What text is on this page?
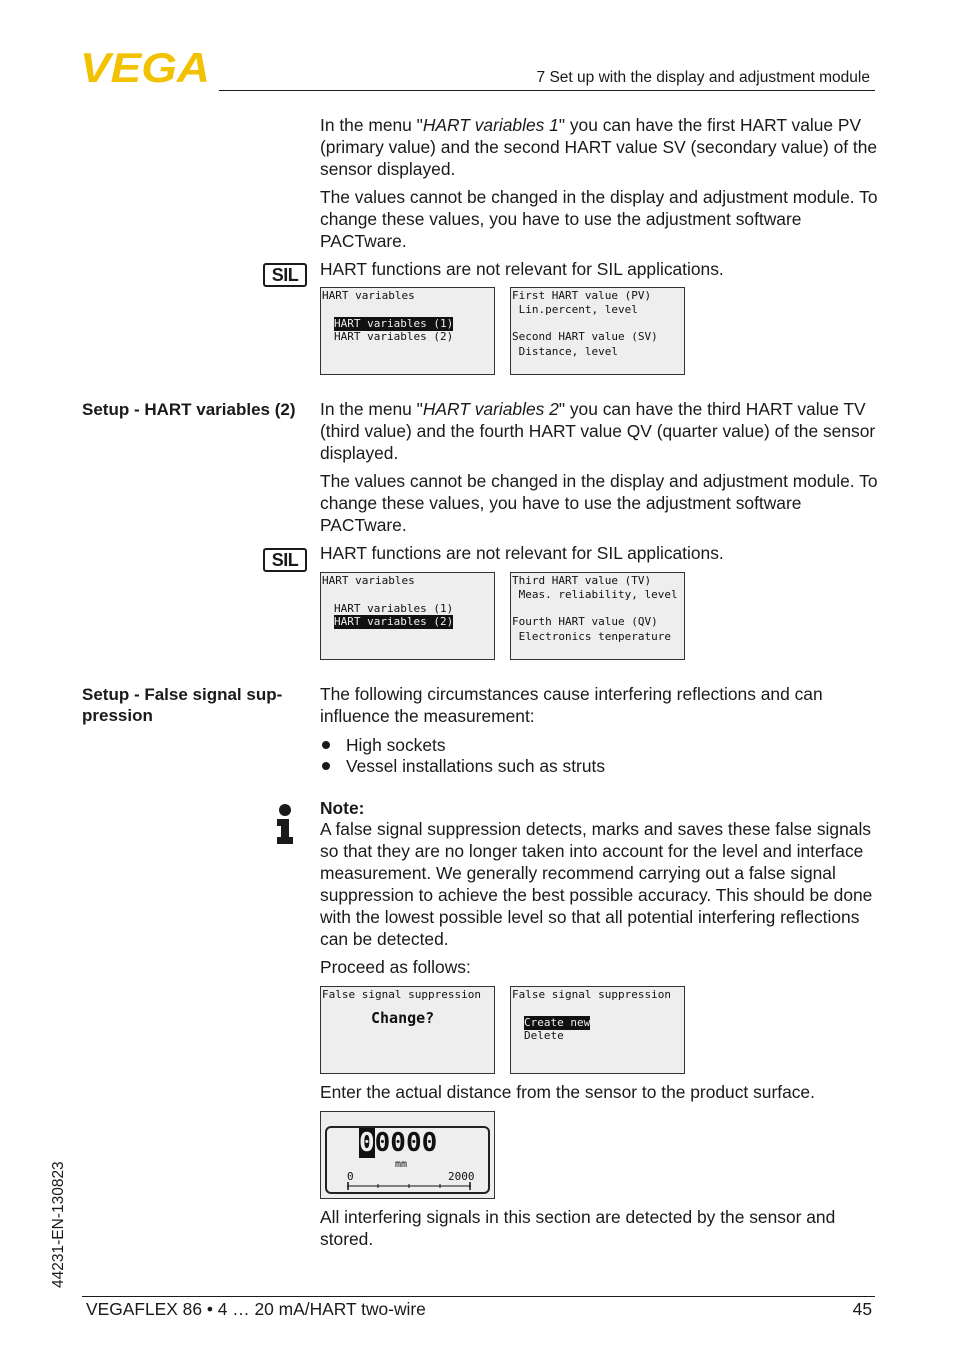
VEGA	7 Set up with the display and adjustment module

In the menu "HART variables 1" you can have the first HART value PV (primary value) and the second HART value SV (secondary value) of the sensor displayed.

The values cannot be changed in the display and adjustment module. To change these values, you have to use the adjustment software PACTware.

SIL	HART functions are not relevant for SIL applications.

HART variables
HART variables (1)
HART variables (2)
First HART value (PV)
Lin.percent, level
Second HART value (SV)
Distance, level

Setup - HART variables (2)	In the menu "HART variables 2" you can have the third HART value TV (third value) and the fourth HART value QV (quarter value) of the sensor displayed.

The values cannot be changed in the display and adjustment module. To change these values, you have to use the adjustment software PACTware.

SIL	HART functions are not relevant for SIL applications.

HART variables
HART variables (1)
HART variables (2)
Third HART value (TV)
Meas. reliability, level
Fourth HART value (QV)
Electronics tenperature
Setup - False signal sup-
pression

The following circumstances cause interfering reflections and can influence the measurement:

High sockets
Vessel installations such as struts
Note:

A false signal suppression detects, marks and saves these false signals so that they are no longer taken into account for the level and interface measurement. We generally recommend carrying out a false signal suppression to achieve the best possible accuracy. This should be done with the lowest possible level so that all potential interfering reflections can be detected.

Proceed as follows:

False signal suppression
Change?
False signal suppression
Create new
Delete

Enter the actual distance from the sensor to the product surface.

00000
mm
0	2000

All interfering signals in this section are detected by the sensor and stored.

44231-EN-130823
VEGAFLEX 86 • 4 … 20 mA/HART two-wire	45
